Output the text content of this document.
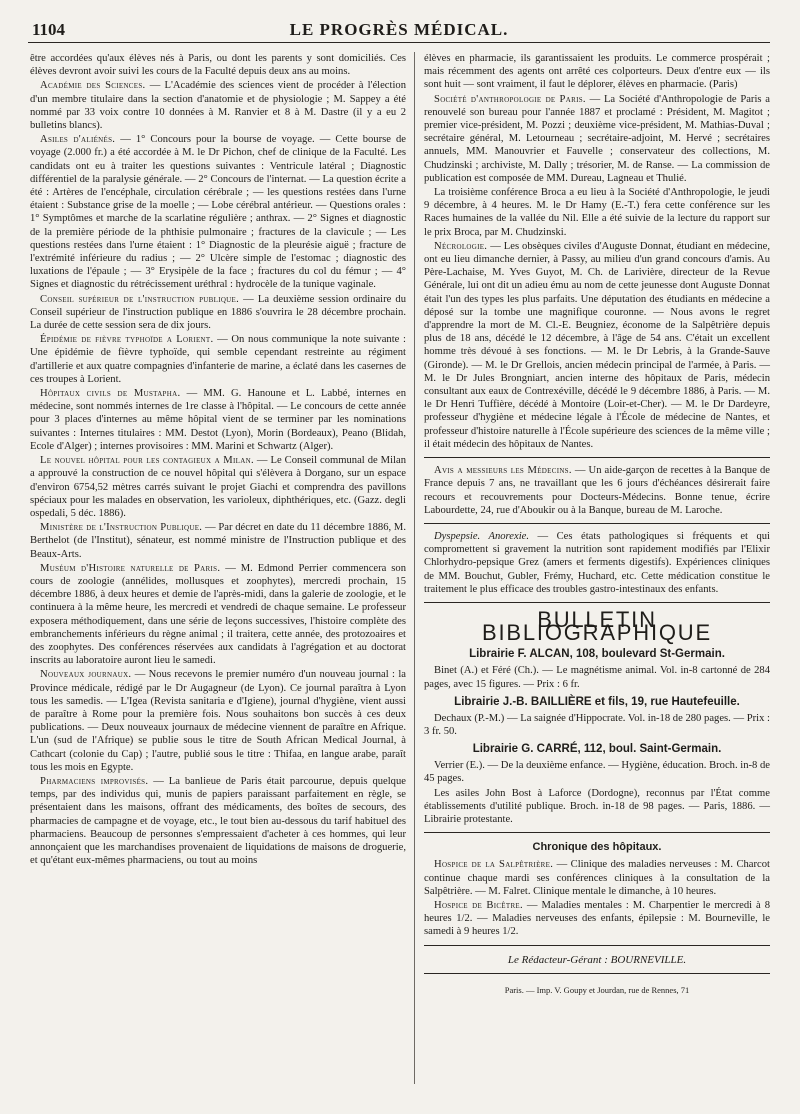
1104	LE PROGRÈS MÉDICAL.

être accordées qu'aux élèves nés à Paris, ou dont les parents y sont domiciliés. Ces élèves devront avoir suivi les cours de la Faculté depuis deux ans au moins.

Académie des Sciences. — L'Académie des sciences vient de procéder à l'élection d'un membre titulaire dans la section d'anatomie et de physiologie ; M. Sappey a été nommé par 33 voix contre 10 données à M. Ranvier et 8 à M. Dastre (il y a eu 2 bulletins blancs).

Asiles d'aliénés. — 1° Concours pour la bourse de voyage. — Cette bourse de voyage (2.000 fr.) a été accordée à M. le Dr Pichon, chef de clinique de la Faculté. Les candidats ont eu à traiter les questions suivantes : Ventricule latéral ; Diagnostic différentiel de la paralysie générale. — 2° Concours de l'internat. — La question écrite a été : Artères de l'encéphale, circulation cérébrale ; — les questions restées dans l'urne étaient : Substance grise de la moelle ; — Lobe cérébral antérieur. — Questions orales : 1° Symptômes et marche de la scarlatine régulière ; anthrax. — 2° Signes et diagnostic de la première période de la phthisie pulmonaire ; fractures de la clavicule ; — Les questions restées dans l'urne étaient : 1° Diagnostic de la pleurésie aiguë ; fracture de l'extrémité inférieure du radius ; — 2° Ulcère simple de l'estomac ; diagnostic des luxations de l'épaule ; — 3° Erysipèle de la face ; fractures du col du fémur ; — 4° Signes et diagnostic du rétrécissement uréthral : hydrocèle de la tunique vaginale.

Conseil supérieur de l'instruction publique. — La deuxième session ordinaire du Conseil supérieur de l'instruction publique en 1886 s'ouvrira le 28 décembre prochain. La durée de cette session sera de dix jours.

Épidémie de fièvre typhoïde a Lorient. — On nous communique la note suivante : Une épidémie de fièvre typhoïde, qui semble cependant restreinte au régiment d'artillerie et aux quatre compagnies d'infanterie de marine, a éclaté dans les casernes de ces troupes à Lorient.

Hôpitaux civils de Mustapha. — MM. G. Hanoune et L. Labbé, internes en médecine, sont nommés internes de 1re classe à l'hôpital. — Le concours de cette année pour 3 places d'internes au même hôpital vient de se terminer par les nominations suivantes : Internes titulaires : MM. Destot (Lyon), Morin (Bordeaux), Peano (Blidah, Ecole d'Alger) ; internes provisoires : MM. Marini et Schwartz (Alger).

Le nouvel hôpital pour les contagieux a Milan. — Le Conseil communal de Milan a approuvé la construction de ce nouvel hôpital qui s'élèvera à Dorgano, sur un espace d'environ 6754,52 mètres carrés suivant le projet Giachi et comprendra des pavillons spéciaux pour les malades en observation, les varioleux, diphthériques, etc. (Gazz. degli ospedali, 5 déc. 1886).

Ministère de l'Instruction Publique. — Par décret en date du 11 décembre 1886, M. Berthelot (de l'Institut), sénateur, est nommé ministre de l'Instruction publique et des Beaux-Arts.

Muséum d'Histoire naturelle de Paris. — M. Edmond Perrier commencera son cours de zoologie (annélides, mollusques et zoophytes), mercredi prochain, 15 décembre 1886, à deux heures et demie de l'après-midi, dans la galerie de zoologie, et le continuera à la même heure, les mercredi et vendredi de chaque semaine. Le professeur exposera méthodiquement, dans une série de leçons successives, l'histoire complète des embranchements inférieurs du règne animal ; il traitera, cette année, des protozoaires et des zoophytes. Des conférences réservées aux candidats à l'agrégation et au doctorat inscrits au laboratoire auront lieu le samedi.

Nouveaux journaux. — Nous recevons le premier numéro d'un nouveau journal : la Province médicale, rédigé par le Dr Augagneur (de Lyon). Ce journal paraîtra à Lyon tous les samedis. — L'Igea (Revista sanitaria e d'Igiene), journal d'hygiène, vient aussi de paraître à Rome pour la première fois. Nous souhaitons bon succès à ces deux publications. — Deux nouveaux journaux de médecine viennent de paraître en Afrique. L'un (sud de l'Afrique) se publie sous le titre de South African Medical Journal, à Cathcart (colonie du Cap) ; l'autre, publié sous le titre : Thifaa, en langue arabe, paraît tous les mois en Egypte.

Pharmaciens improvisés. — La banlieue de Paris était parcourue, depuis quelque temps, par des individus qui, munis de papiers paraissant parfaitement en règle, se présentaient dans les maisons, offrant des médicaments, des boîtes de secours, des pharmacies de campagne et de voyage, etc., le tout bien au-dessous du tarif habituel des pharmaciens. Beaucoup de personnes s'empressaient d'acheter à ces hommes, qui leur annonçaient que les marchandises provenaient de liquidations de maisons de droguerie, et qu'étant eux-mêmes pharmaciens, ou tout au moins

élèves en pharmacie, ils garantissaient les produits. Le commerce prospérait ; mais récemment des agents ont arrêté ces colporteurs. Deux d'entre eux — ils sont huit — sont vraiment, il faut le déplorer, élèves en pharmacie. (Paris)

Société d'anthropologie de Paris. — La Société d'Anthropologie de Paris a renouvelé son bureau pour l'année 1887 et proclamé : Président, M. Magitot ; premier vice-président, M. Pozzi ; deuxième vice-président, M. Mathias-Duval ; secrétaire général, M. Letourneau ; secrétaire-adjoint, M. Hervé ; secrétaires annuels, MM. Manouvrier et Fauvelle ; conservateur des collections, M. Chudzinski ; archiviste, M. Dally ; trésorier, M. de Ranse. — La commission de publication est composée de MM. Dureau, Lagneau et Thulié.

La troisième conférence Broca a eu lieu à la Société d'Anthropologie, le jeudi 9 décembre, à 4 heures. M. le Dr Hamy (E.-T.) fera cette conférence sur les Races humaines de la vallée du Nil. Elle a été suivie de la lecture du rapport sur le prix Broca, par M. Chudzinski.

Nécrologie. — Les obsèques civiles d'Auguste Donnat, étudiant en médecine, ont eu lieu dimanche dernier, à Passy, au milieu d'un grand concours d'amis. Au Père-Lachaise, M. Yves Guyot, M. Ch. de Larivière, directeur de la Revue Générale, lui ont dit un adieu ému au nom de cette jeunesse dont Auguste Donnat était l'un des types les plus parfaits. Une députation des étudiants en médecine a déposé sur la tombe une magnifique couronne. — Nous avons le regret d'apprendre la mort de M. Cl.-E. Beugniez, économe de la Salpêtrière depuis plus de 18 ans, décédé le 12 décembre, à l'âge de 54 ans. C'était un excellent homme très dévoué à ses fonctions. — M. le Dr Lebris, à la Grande-Sauve (Gironde). — M. le Dr Grellois, ancien médecin principal de l'armée, à Paris. — M. le Dr Jules Brongniart, ancien interne des hôpitaux de Paris, médecin consultant aux eaux de Contrexéville, décédé le 9 décembre 1886, à Paris. — M. le Dr Henri Tuffière, décédé à Montoire (Loir-et-Cher). — M. le Dr Dardeyre, professeur d'hygiène et médecine légale à l'École de médecine de Nantes, et professeur d'histoire naturelle à l'École supérieure des sciences de la même ville ; il était médecin des hôpitaux de Nantes.

Avis a messieurs les Médecins. — Un aide-garçon de recettes à la Banque de France depuis 7 ans, ne travaillant que les 6 jours d'échéances désirerait faire recours et recouvrements pour Docteurs-Médecins. Bonne tenue, écrire Labourdette, 24, rue d'Aboukir ou à la Banque, bureau de M. Laroche.

Dyspepsie. Anorexie. — Ces états pathologiques si fréquents et qui compromettent si gravement la nutrition sont rapidement modifiés par l'Elixir Chlorhydro-pepsique Grez (amers et ferments digestifs). Expériences cliniques de MM. Bouchut, Gubler, Frémy, Huchard, etc. Cette médication constitue le traitement le plus efficace des troubles gastro-intestinaux des enfants.

BULLETIN BIBLIOGRAPHIQUE
Librairie F. ALCAN, 108, boulevard St-Germain.

Binet (A.) et Féré (Ch.). — Le magnétisme animal. Vol. in-8 cartonné de 284 pages, avec 15 figures. — Prix : 6 fr.

Librairie J.-B. BAILLIÈRE et fils, 19, rue Hautefeuille.

Dechaux (P.-M.) — La saignée d'Hippocrate. Vol. in-18 de 280 pages. — Prix : 3 fr. 50.

Librairie G. CARRÉ, 112, boul. Saint-Germain.

Verrier (E.). — De la deuxième enfance. — Hygiène, éducation. Broch. in-8 de 45 pages.

Les asiles John Bost à Laforce (Dordogne), reconnus par l'État comme établissements d'utilité publique. Broch. in-18 de 98 pages. — Paris, 1886. — Librairie protestante.

Chronique des hôpitaux.

Hospice de la Salpêtrière. — Clinique des maladies nerveuses : M. Charcot continue chaque mardi ses conférences cliniques à la consultation de la Salpêtrière. — M. Falret. Clinique mentale le dimanche, à 10 heures.

Hospice de Bicêtre. — Maladies mentales : M. Charpentier le mercredi à 8 heures 1/2. — Maladies nerveuses des enfants, épilepsie : M. Bourneville, le samedi à 9 heures 1/2.

Le Rédacteur-Gérant : BOURNEVILLE.
Paris. — Imp. V. Goupy et Jourdan, rue de Rennes, 71
